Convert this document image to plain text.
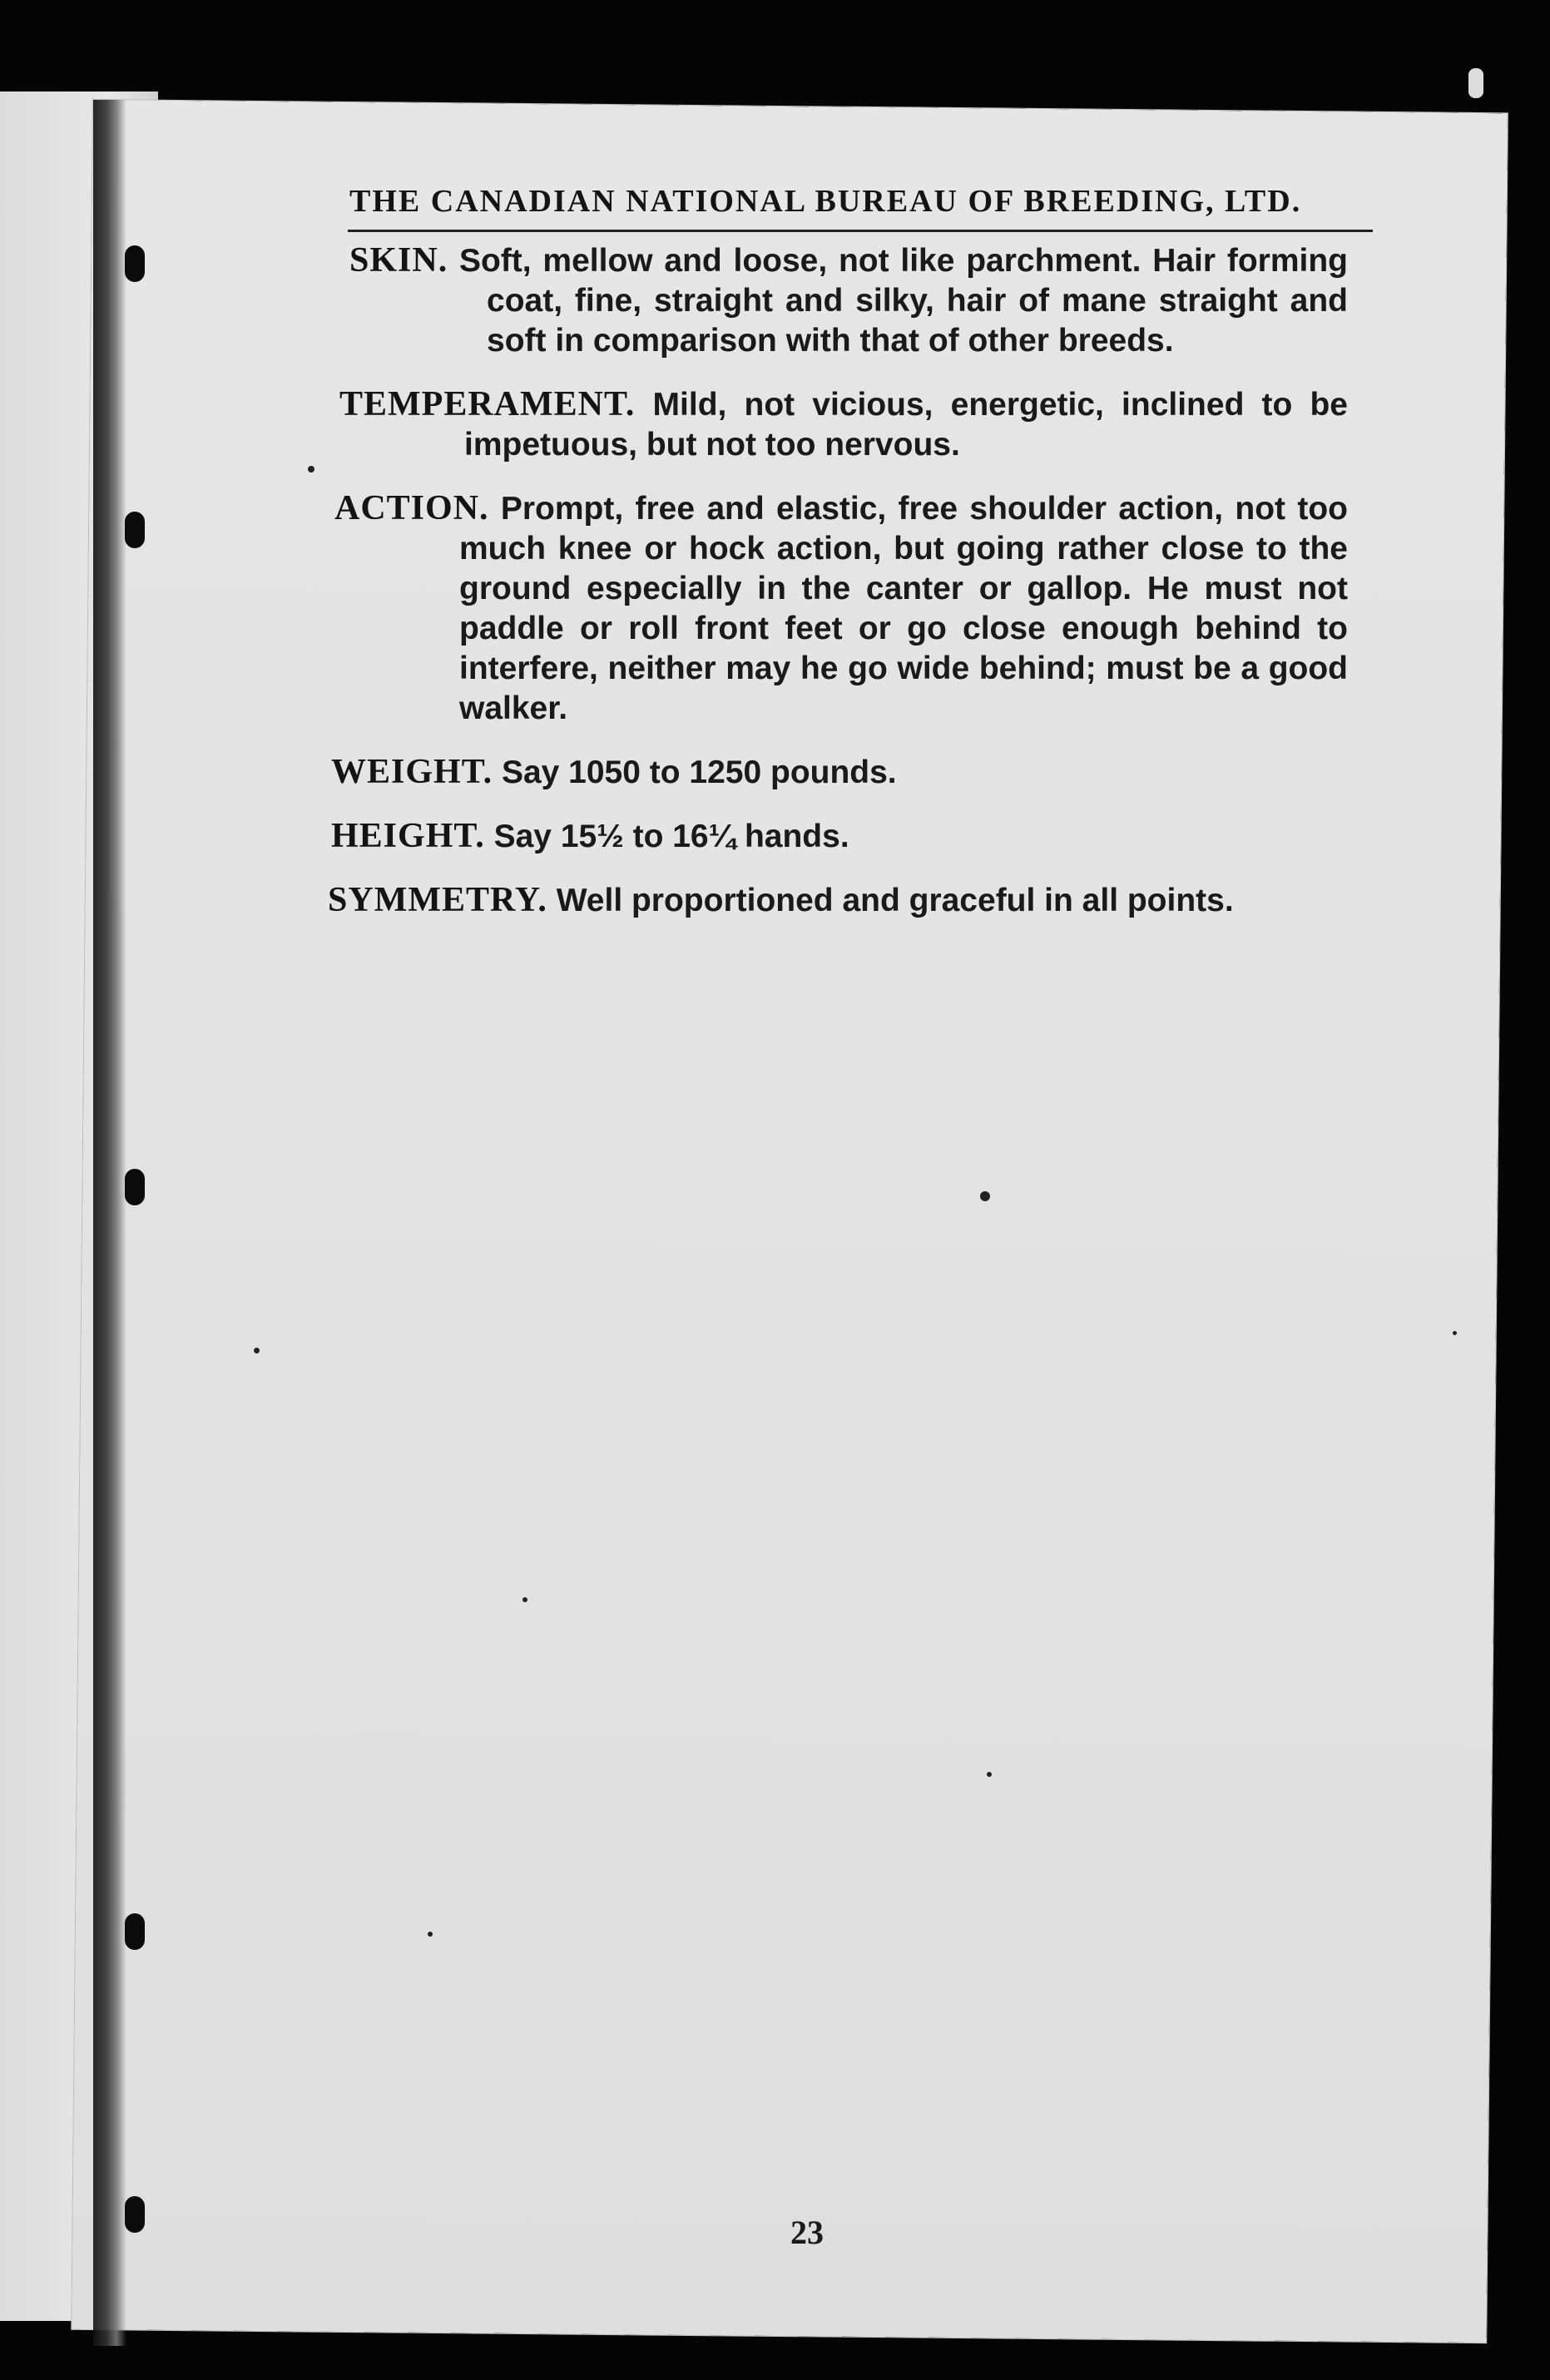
THE CANADIAN NATIONAL BUREAU OF BREEDING, LTD.

SKIN. Soft, mellow and loose, not like parchment. Hair forming coat, fine, straight and silky, hair of mane straight and soft in comparison with that of other breeds.

TEMPERAMENT. Mild, not vicious, energetic, inclined to be impetuous, but not too nervous.

ACTION. Prompt, free and elastic, free shoulder action, not too much knee or hock action, but going rather close to the ground especially in the canter or gallop. He must not paddle or roll front feet or go close enough behind to interfere, neither may he go wide behind; must be a good walker.

WEIGHT. Say 1050 to 1250 pounds.

HEIGHT. Say 15½ to 16¼ hands.

SYMMETRY. Well proportioned and graceful in all points.

23
